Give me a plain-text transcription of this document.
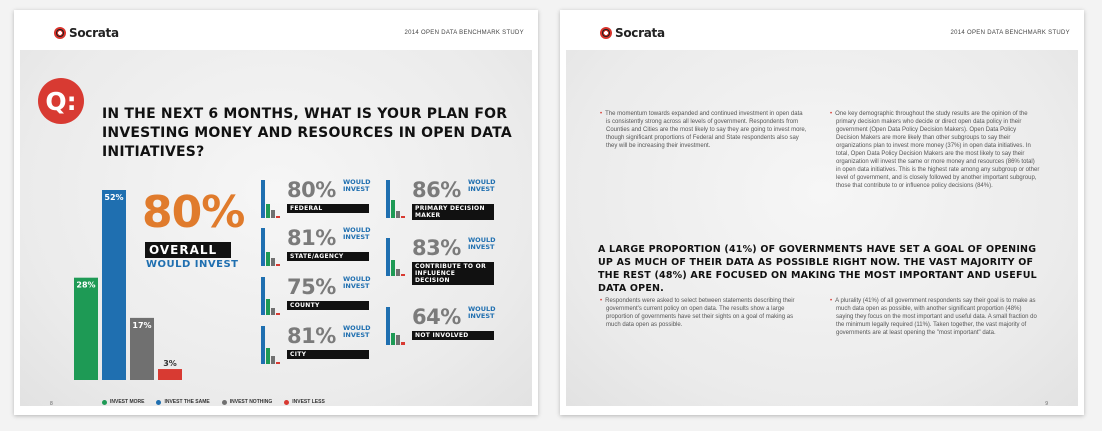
Socrata	2014 OPEN DATA BENCHMARK STUDY
Q:	IN THE NEXT 6 MONTHS, WHAT IS YOUR PLAN FOR INVESTING MONEY AND RESOURCES IN OPEN DATA INITIATIVES?
28%
52%
17%
3%
80%
OVERALL
WOULD INVEST
80% WOULD INVEST
FEDERAL
81% WOULD INVEST
STATE/AGENCY
75% WOULD INVEST
COUNTY
81% WOULD INVEST
CITY
86% WOULD INVEST
PRIMARY DECISION MAKER
83% WOULD INVEST
CONTRIBUTE TO OR INFLUENCE DECISION
64% WOULD INVEST
NOT INVOLVED
INVEST MORE	INVEST THE SAME	INVEST NOTHING	INVEST LESS
8
Socrata	2014 OPEN DATA BENCHMARK STUDY
• The momentum towards expanded and continued investment in open data is consistently strong across all levels of government. Respondents from Counties and Cities are the most likely to say they are going to invest more, though significant proportions of Federal and State respondents also say they will be increasing their investment.
• One key demographic throughout the study results are the opinion of the primary decision makers who decide or direct open data policy in their government (Open Data Policy Decision Makers). Open Data Policy Decision Makers are more likely than other subgroups to say their organizations plan to invest more money (37%) in open data initiatives. In total, Open Data Policy Decision Makers are the most likely to say their organization will invest the same or more money and resources (86% total) in open data initiatives. This is the highest rate among any subgroup or other level of government, and is closely followed by another important subgroup, those that contribute to or influence policy decisions (84%).
A LARGE PROPORTION (41%) OF GOVERNMENTS HAVE SET A GOAL OF OPENING UP AS MUCH OF THEIR DATA AS POSSIBLE RIGHT NOW. THE VAST MAJORITY OF THE REST (48%) ARE FOCUSED ON MAKING THE MOST IMPORTANT AND USEFUL DATA OPEN.
• Respondents were asked to select between statements describing their government's current policy on open data. The results show a large proportion of governments have set their sights on a goal of making as much data open as possible.
• A plurality (41%) of all government respondents say their goal is to make as much data open as possible, with another significant proportion (48%) saying they focus on the most important and useful data. A small fraction do the minimum legally required (11%). Taken together, the vast majority of governments are at least opening the "most important" data.
9
